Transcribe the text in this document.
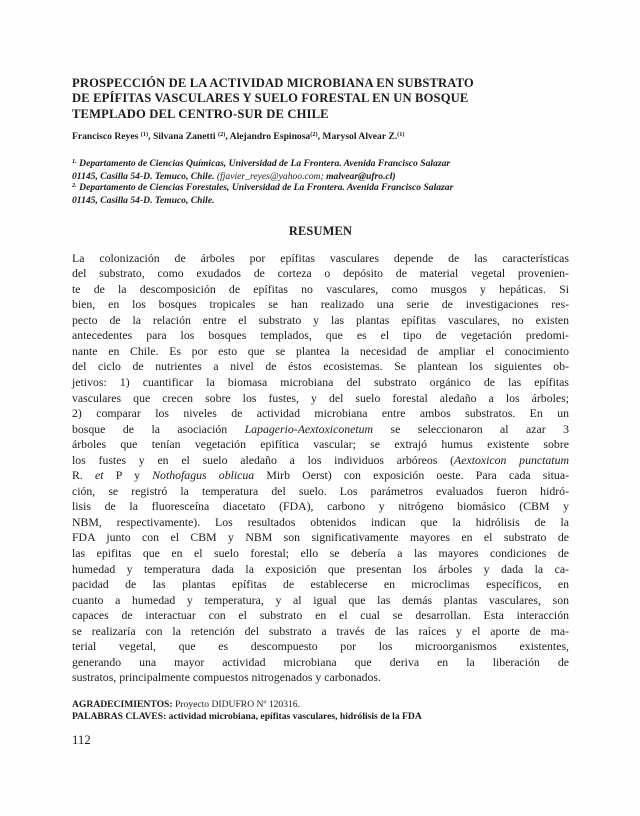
PROSPECCIÓN DE LA ACTIVIDAD MICROBIANA EN SUBSTRATO
DE EPÍFITAS VASCULARES Y SUELO FORESTAL EN UN BOSQUE
TEMPLADO DEL CENTRO-SUR DE CHILE
Francisco Reyes $^{(1)}$, Silvana Zanetti $^{(2)}$, Alejandro Espinosa$^{(2)}$, Marysol Alvear Z.$^{(1)}$
$^{1.}$ Departamento de Ciencias Químicas, Universidad de La Frontera. Avenida Francisco Salazar
01145, Casilla 54-D. Temuco, Chile. (fjavier_reyes@yahoo.com; malvear@ufro.cl)
$^{2.}$ Departamento de Ciencias Forestales, Universidad de La Frontera. Avenida Francisco Salazar
01145, Casilla 54-D. Temuco, Chile.
RESUMEN
La colonización de árboles por epífitas vasculares depende de las características
del substrato, como exudados de corteza o depósito de material vegetal provenien-
te de la descomposición de epífitas no vasculares, como musgos y hepáticas. Si
bien, en los bosques tropicales se han realizado una serie de investigaciones res-
pecto de la relación entre el substrato y las plantas epífitas vasculares, no existen
antecedentes para los bosques templados, que es el tipo de vegetación predomi-
nante en Chile. Es por esto que se plantea la necesidad de ampliar el conocimiento
del ciclo de nutrientes a nivel de éstos ecosistemas. Se plantean los siguientes ob-
jetivos: 1) cuantificar la biomasa microbiana del substrato orgánico de las epífitas
vasculares que crecen sobre los fustes, y del suelo forestal aledaño a los árboles;
2) comparar los niveles de actividad microbiana entre ambos substratos. En un
bosque de la asociación Lapagerio-Aextoxiconetum se seleccionaron al azar 3
árboles que tenían vegetación epifítica vascular; se extrajó humus existente sobre
los fustes y en el suelo aledaño a los individuos arbóreos (Aextoxicon punctatum
R. et P y Nothofagus oblicua Mirb Oerst) con exposición oeste. Para cada situa-
ción, se registró la temperatura del suelo. Los parámetros evaluados fueron hidró-
lisis de la fluoresceína diacetato (FDA), carbono y nitrógeno biomásico (CBM y
NBM, respectivamente). Los resultados obtenidos indican que la hidrólisis de la
FDA junto con el CBM y NBM son significativamente mayores en el substrato de
las epifitas que en el suelo forestal; ello se debería a las mayores condiciones de
humedad y temperatura dada la exposición que presentan los árboles y dada la ca-
pacidad de las plantas epífitas de establecerse en microclimas específicos, en
cuanto a humedad y temperatura, y al igual que las demás plantas vasculares, son
capaces de interactuar con el substrato en el cual se desarrollan. Esta interacción
se realizaría con la retención del substrato a través de las raíces y el aporte de ma-
terial vegetal, que es descompuesto por los microorganismos existentes,
generando una mayor actividad microbiana que deriva en la liberación de
sustratos, principalmente compuestos nitrogenados y carbonados.
AGRADECIMIENTOS: Proyecto DIDUFRO Nº 120316.
PALABRAS CLAVES: actividad microbiana, epífitas vasculares, hidrólisis de la FDA
112
